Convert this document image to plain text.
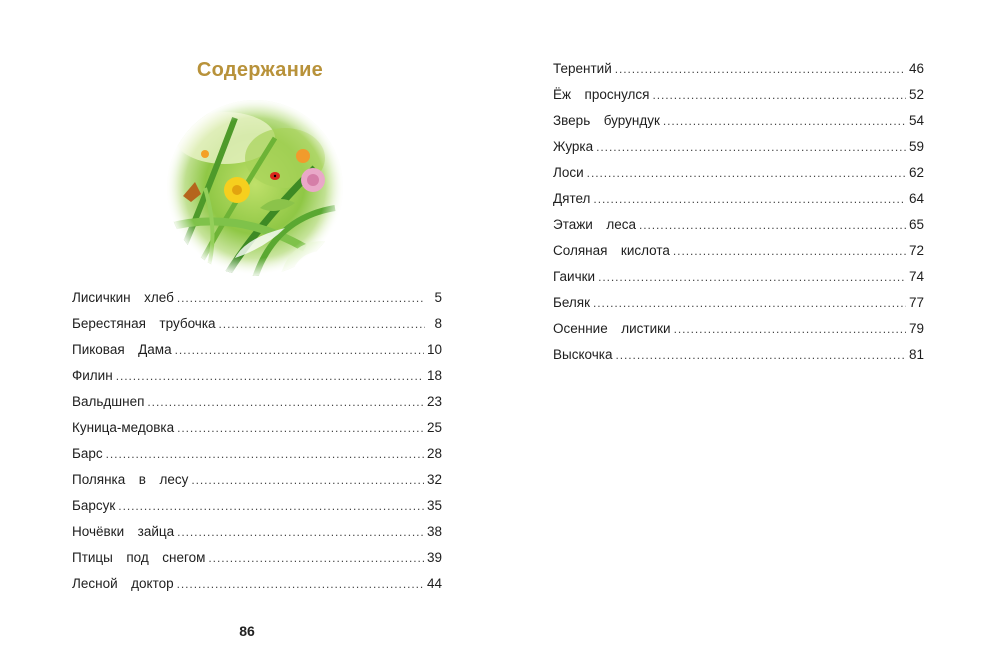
Содержание
Лисичкин  хлеб . . .	5
Берестяная  трубочка . . .	8
Пиковая  Дама . . .	10
Филин . . .	18
Вальдшнеп . . .	23
Куница-медовка . . .	25
Барс . . .	28
Полянка  в  лесу . . .	32
Барсук . . .	35
Ночёвки  зайца . . .	38
Птицы  под  снегом . . .	39
Лесной  доктор . . .	44
Терентий . . .	46
Ёж  проснулся . . .	52
Зверь  бурундук . . .	54
Журка . . .	59
Лоси . . .	62
Дятел . . .	64
Этажи  леса . . .	65
Соляная  кислота . . .	72
Гаички . . .	74
Беляк . . .	77
Осенние  листики . . .	79
Выскочка . . .	81
86
